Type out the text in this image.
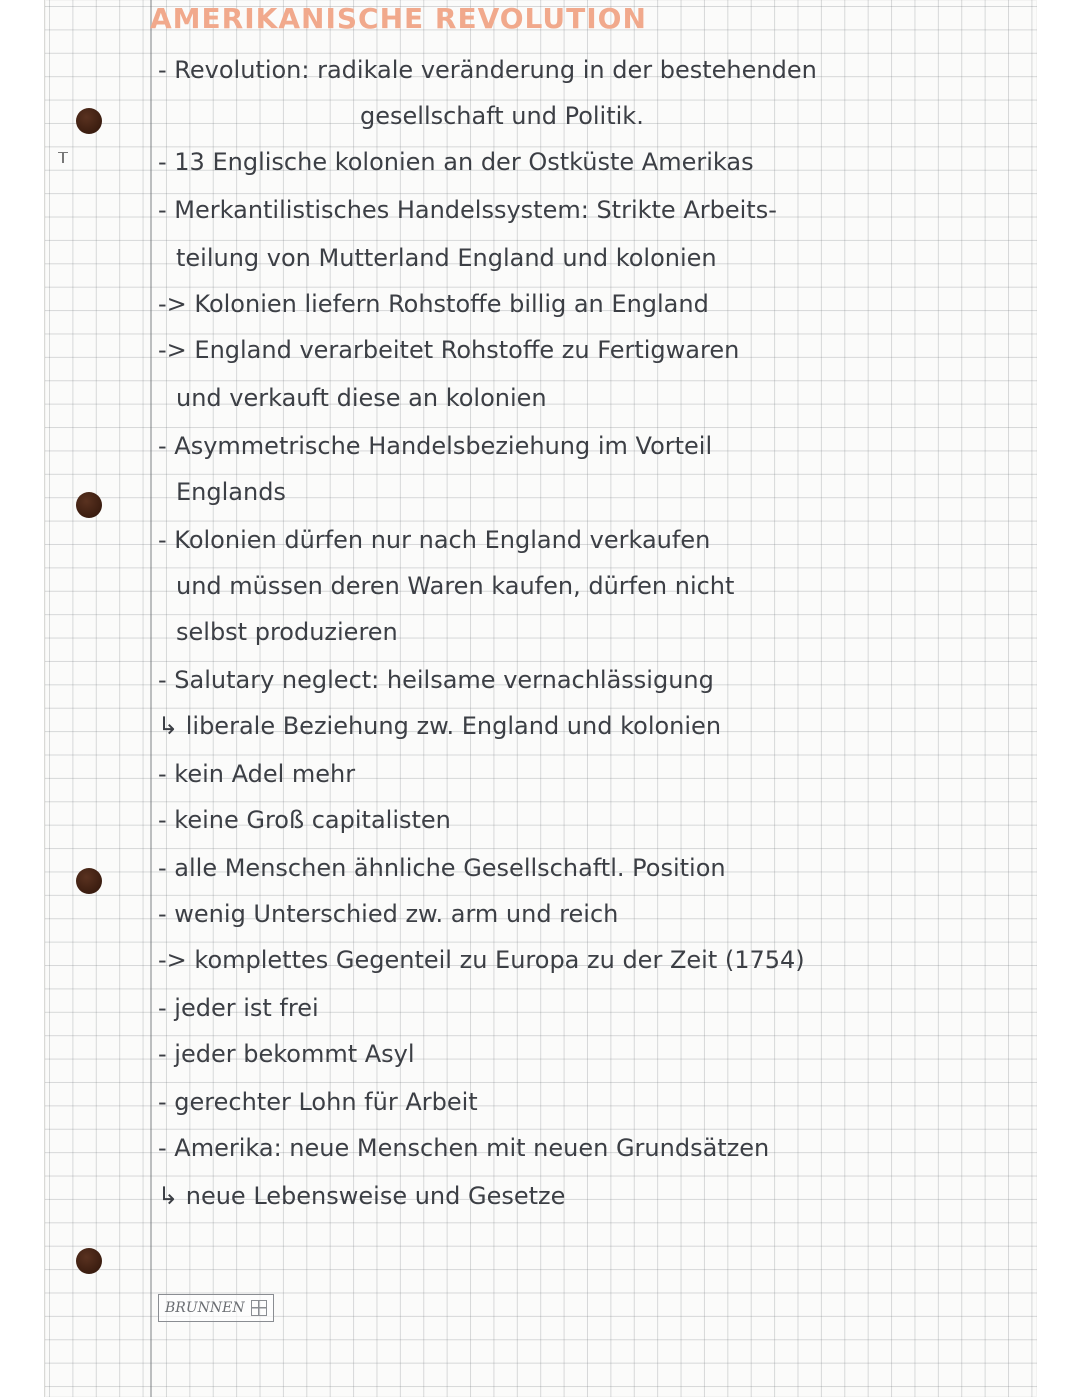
AMERIKANISCHE REVOLUTION
- Revolution: radikale veränderung in der bestehenden
gesellschaft und Politik.
- 13 Englische kolonien an der Ostküste Amerikas
- Merkantilistisches Handelssystem: Strikte Arbeits-
teilung von Mutterland England und kolonien
-> Kolonien liefern Rohstoffe billig an England
-> England verarbeitet Rohstoffe zu Fertigwaren
und verkauft diese an kolonien
- Asymmetrische Handelsbeziehung im Vorteil
Englands
- Kolonien dürfen nur nach England verkaufen
und müssen deren Waren kaufen, dürfen nicht
selbst produzieren
- Salutary neglect: heilsame vernachlässigung
↳ liberale Beziehung zw. England und kolonien
- kein Adel mehr
- keine Groß capitalisten
- alle Menschen ähnliche Gesellschaftl. Position
- wenig Unterschied zw. arm und reich
-> komplettes Gegenteil zu Europa zu der Zeit (1754)
- jeder ist frei
- jeder bekommt Asyl
- gerechter Lohn für Arbeit
- Amerika: neue Menschen mit neuen Grundsätzen
↳ neue Lebensweise und Gesetze
BRUNNEN
